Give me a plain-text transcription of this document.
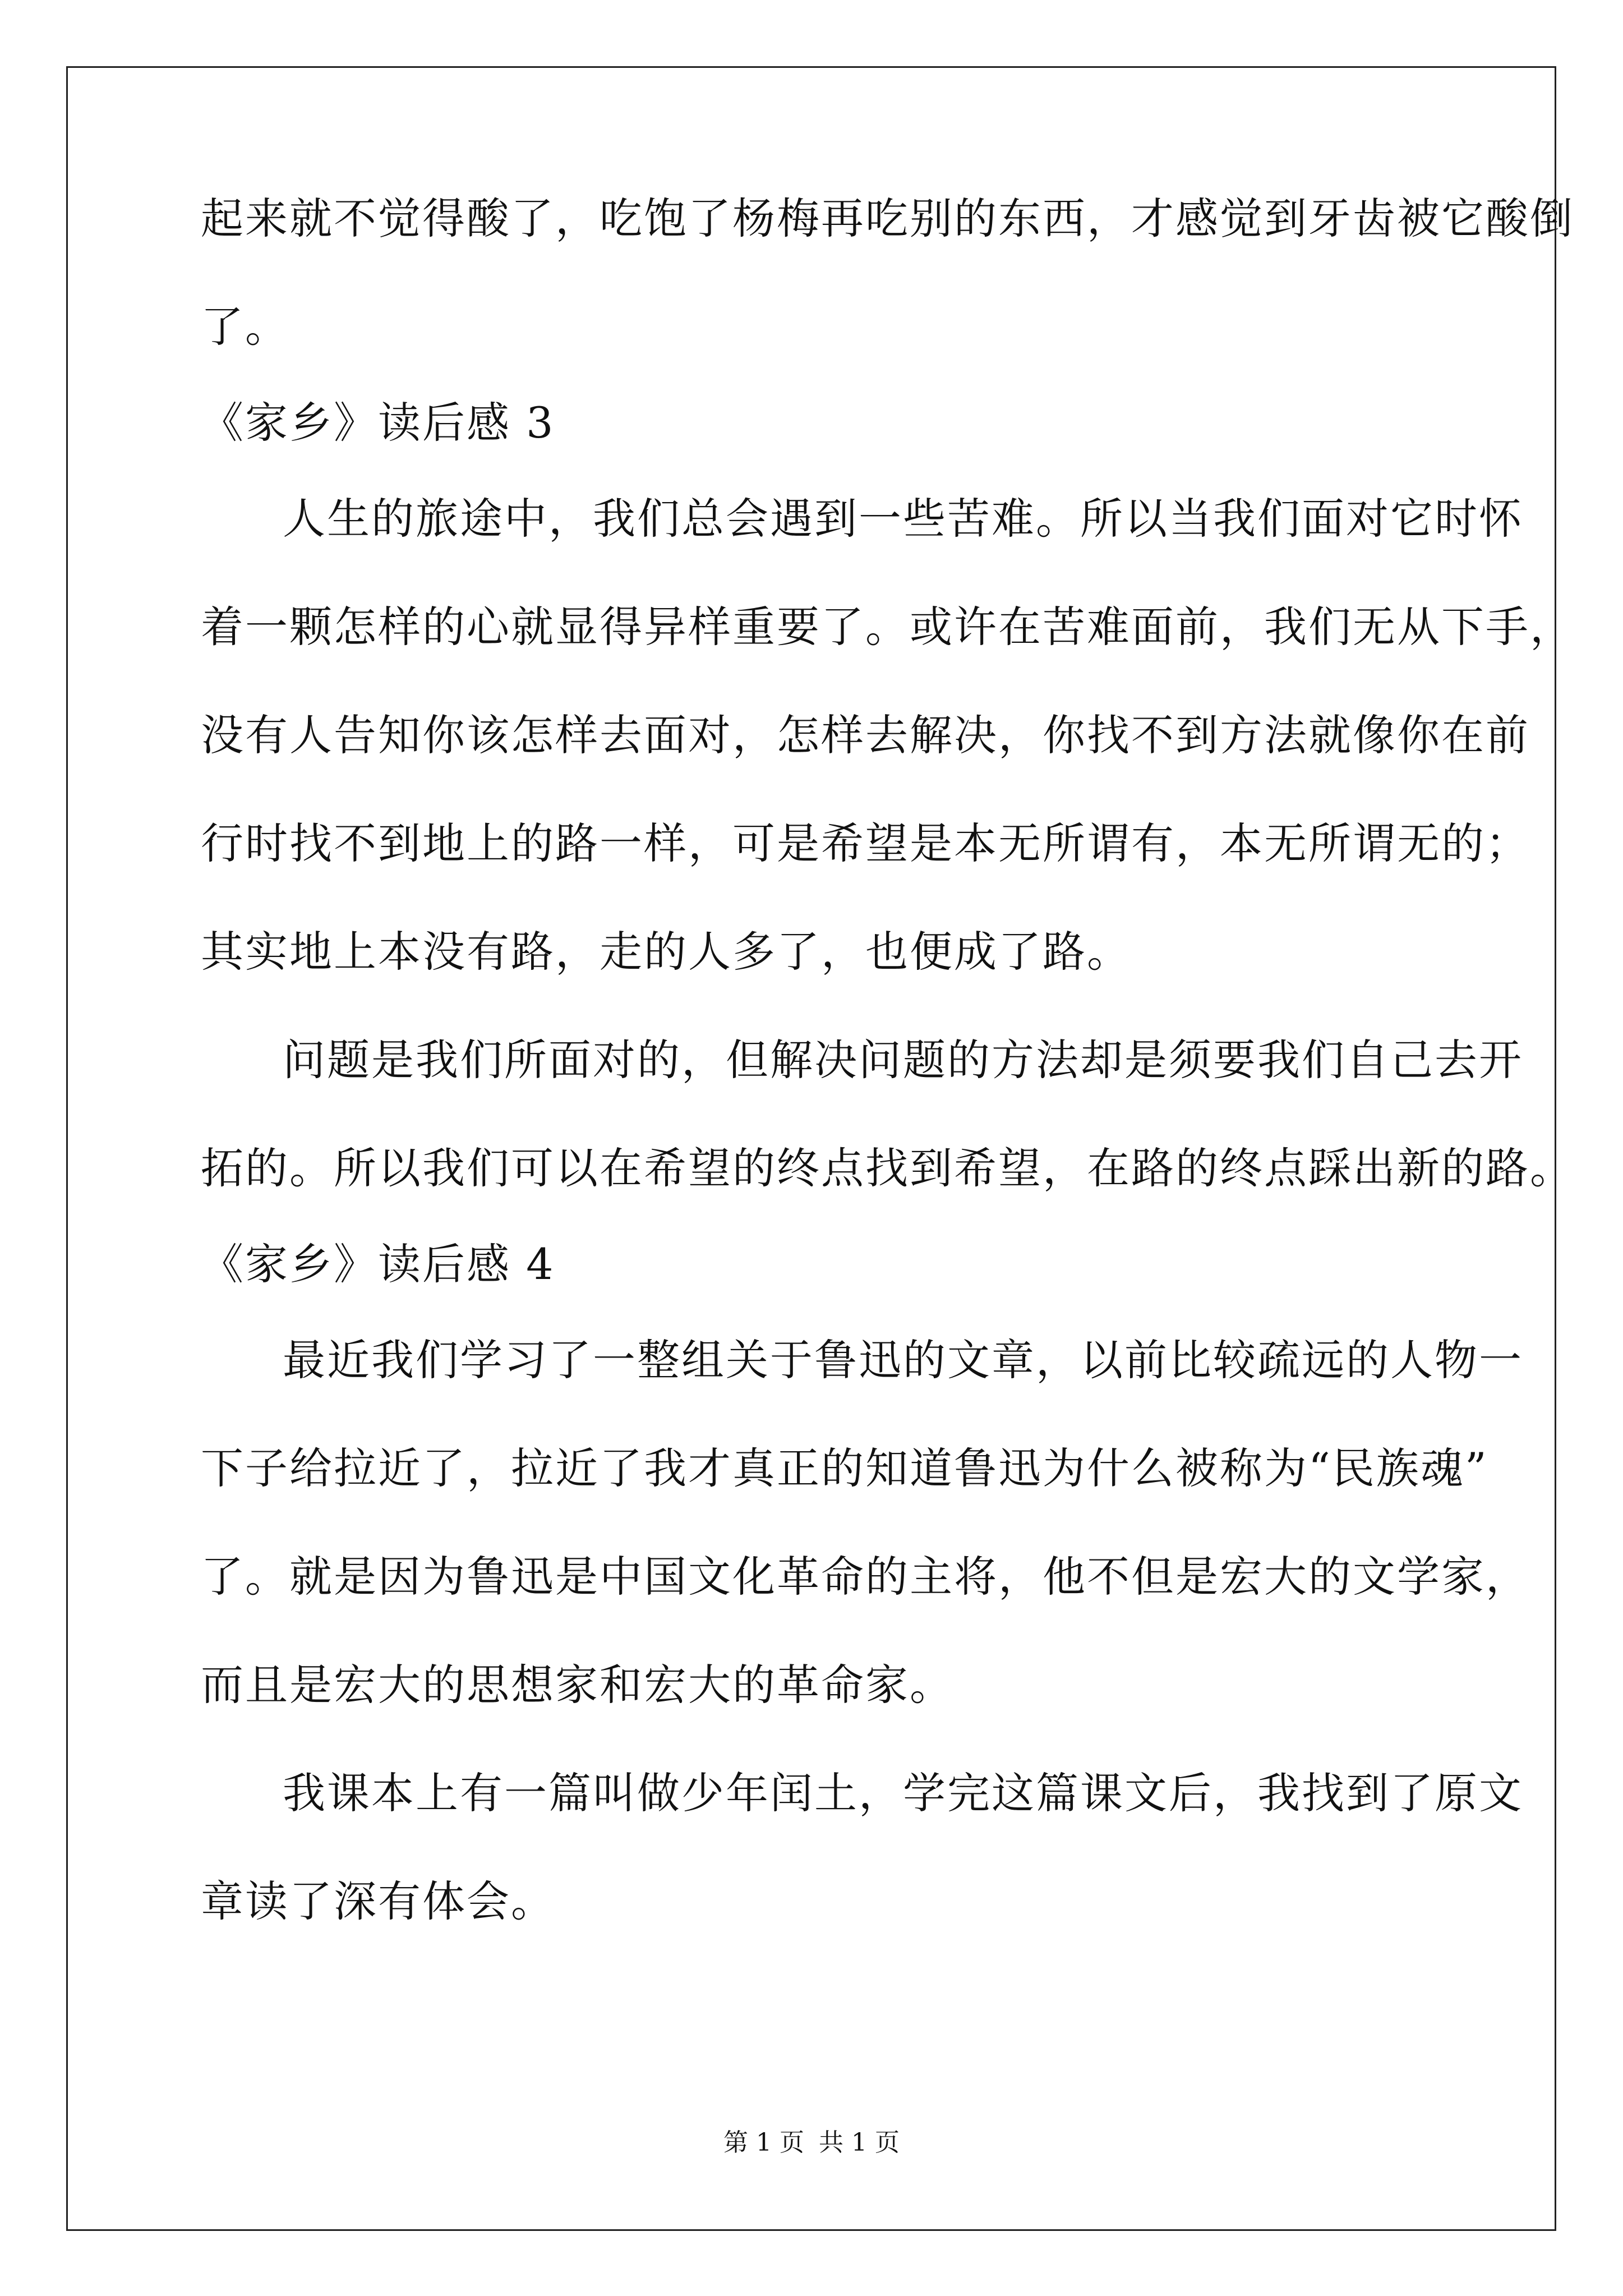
起来就不觉得酸了，吃饱了杨梅再吃别的东西，才感觉到牙齿被它酸倒

了。

《家乡》读后感 3

人生的旅途中，我们总会遇到一些苦难。所以当我们面对它时怀

着一颗怎样的心就显得异样重要了。或许在苦难面前，我们无从下手，

没有人告知你该怎样去面对，怎样去解决，你找不到方法就像你在前

行时找不到地上的路一样，可是希望是本无所谓有，本无所谓无的；

其实地上本没有路，走的人多了，也便成了路。

问题是我们所面对的，但解决问题的方法却是须要我们自己去开

拓的。所以我们可以在希望的终点找到希望，在路的终点踩出新的路。

《家乡》读后感 4

最近我们学习了一整组关于鲁迅的文章，以前比较疏远的人物一

下子给拉近了，拉近了我才真正的知道鲁迅为什么被称为“民族魂”

了。就是因为鲁迅是中国文化革命的主将，他不但是宏大的文学家，

而且是宏大的思想家和宏大的革命家。

我课本上有一篇叫做少年闰土，学完这篇课文后，我找到了原文

章读了深有体会。

第 1 页 共 1 页
